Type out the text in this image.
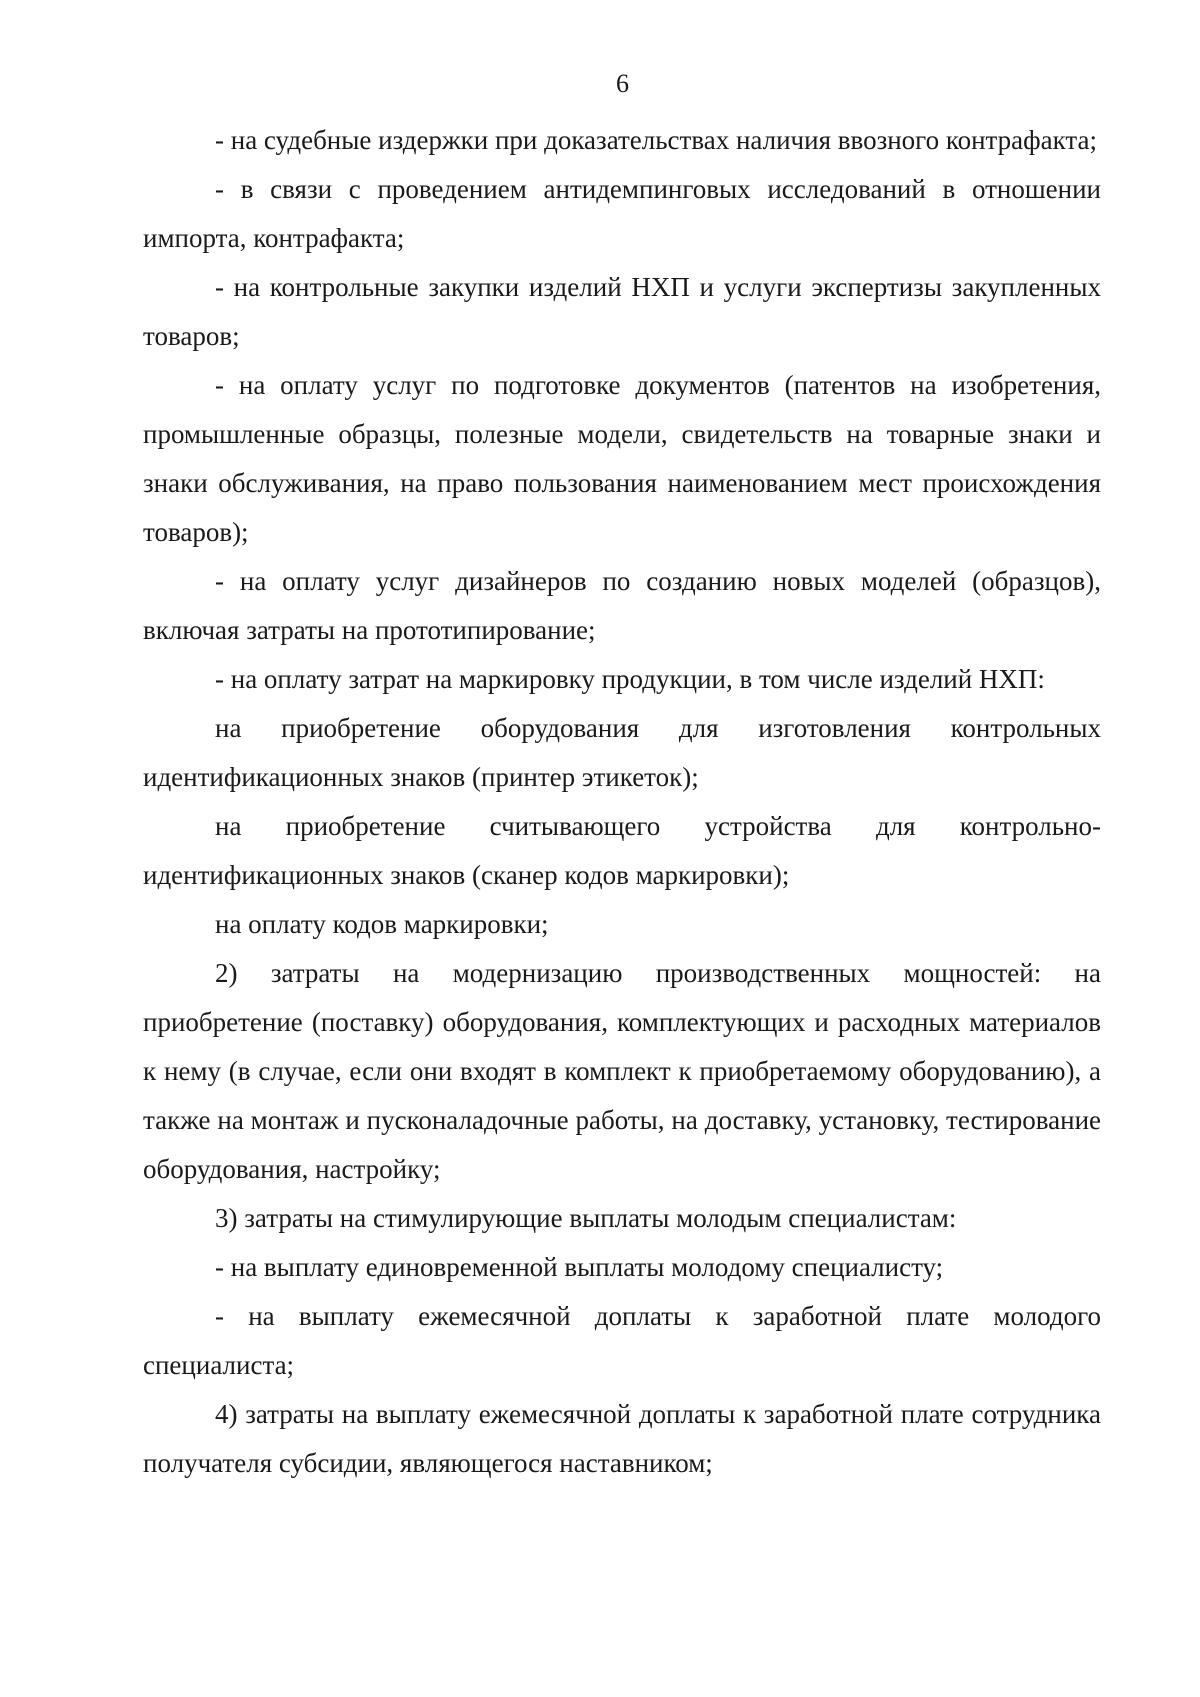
6

- на судебные издержки при доказательствах наличия ввозного контрафакта;

- в связи с проведением антидемпинговых исследований в отношении импорта, контрафакта;

- на контрольные закупки изделий НХП и услуги экспертизы закупленных товаров;

- на оплату услуг по подготовке документов (патентов на изобретения, промышленные образцы, полезные модели, свидетельств на товарные знаки и знаки обслуживания, на право пользования наименованием мест происхождения товаров);

- на оплату услуг дизайнеров по созданию новых моделей (образцов), включая затраты на прототипирование;

- на оплату затрат на маркировку продукции, в том числе изделий НХП:

на приобретение оборудования для изготовления контрольных идентификационных знаков (принтер этикеток);

на приобретение считывающего устройства для контрольно-идентификационных знаков (сканер кодов маркировки);

на оплату кодов маркировки;

2) затраты на модернизацию производственных мощностей: на приобретение (поставку) оборудования, комплектующих и расходных материалов к нему (в случае, если они входят в комплект к приобретаемому оборудованию), а также на монтаж и пусконаладочные работы, на доставку, установку, тестирование оборудования, настройку;

3) затраты на стимулирующие выплаты молодым специалистам:

- на выплату единовременной выплаты молодому специалисту;

- на выплату ежемесячной доплаты к заработной плате молодого специалиста;

4) затраты на выплату ежемесячной доплаты к заработной плате сотрудника получателя субсидии, являющегося наставником;
